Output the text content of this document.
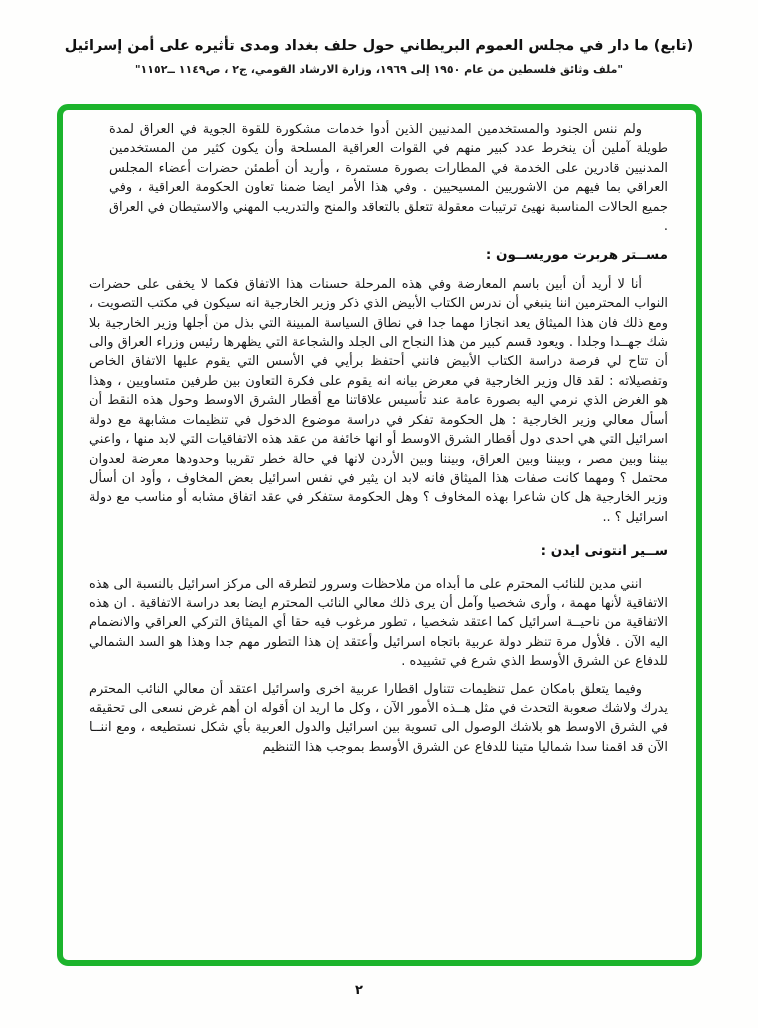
(تابع) ما دار في مجلس العموم البريطاني حول حلف بغداد ومدى تأثيره على أمن إسرائيل
"ملف وثائق فلسطين من عام ١٩٥٠ إلى ١٩٦٩، وزارة الارشاد القومي، ج٢ ، ص١١٤٩ ــ١١٥٢"

ولم ننس الجنود والمستخدمين المدنيين الذين أدوا خدمات مشكورة للقوة الجوية في العراق لمدة طويلة آملين أن ينخرط عدد كبير منهم في القوات العراقية المسلحة وأن يكون كثير من المستخدمين المدنيين قادرين على الخدمة في المطارات بصورة مستمرة ، وأريد أن أطمئن حضرات أعضاء المجلس العراقي بما فيهم من الاشوريين المسيحيين . وفي هذا الأمر ايضا ضمنا تعاون الحكومة العراقية ، وفي جميع الحالات المناسبة نهيئ ترتيبات معقولة تتعلق بالتعاقد والمنح والتدريب المهني والاستيطان في العراق .

مســتر هربرت موريســون :

أنا لا أريد أن أبين باسم المعارضة وفي هذه المرحلة حسنات هذا الاتفاق فكما لا يخفى على حضرات النواب المحترمين اننا ينبغي أن ندرس الكتاب الأبيض الذي ذكر وزير الخارجية انه سيكون في مكتب التصويت ، ومع ذلك فان هذا الميثاق يعد انجازا مهما جدا في نطاق السياسة المبينة التي بذل من أجلها وزير الخارجية بلا شك جهــدا وجلدا . ويعود قسم كبير من هذا النجاح الى الجلد والشجاعة التي يظهرها رئيس وزراء العراق والى أن تتاح لي فرصة دراسة الكتاب الأبيض فانني أحتفظ برأيي في الأسس التي يقوم عليها الاتفاق الخاص وتفصيلاته : لقد قال وزير الخارجية في معرض بيانه انه يقوم على فكرة التعاون بين طرفين متساويين ، وهذا هو الغرض الذي نرمي اليه بصورة عامة عند تأسيس علاقاتنا مع أقطار الشرق الاوسط وحول هذه النقط أن أسأل معالي وزير الخارجية : هل الحكومة تفكر في دراسة موضوع الدخول في تنظيمات مشابهة مع دولة اسرائيل التي هي احدى دول أقطار الشرق الاوسط أو انها خائفة من عقد هذه الاتفاقيات التي لابد منها ، واعني بيننا وبين مصر ، وبيننا وبين العراق، وبيننا وبين الأردن لانها في حالة خطر تقريبا وحدودها معرضة لعدوان محتمل ؟ ومهما كانت صفات هذا الميثاق فانه لابد ان يثير في نفس اسرائيل بعض المخاوف ، وأود ان أسأل وزير الخارجية هل كان شاعرا بهذه المخاوف ؟ وهل الحكومة ستفكر في عقد اتفاق مشابه أو مناسب مع دولة اسرائيل ؟ ..

ســير انتونى ايدن :

انني مدين للنائب المحترم على ما أبداه من ملاحظات وسرور لتطرقه الى مركز اسرائيل بالنسبة الى هذه الاتفاقية لأنها مهمة ، وأرى شخصيا وآمل أن يرى ذلك معالي النائب المحترم ايضا بعد دراسة الاتفاقية . ان هذه الاتفاقية من ناحيــة اسرائيل كما اعتقد شخصيا ، تطور مرغوب فيه حقا أي الميثاق التركي العراقي والانضمام اليه الآن . فلأول مرة تنظر دولة عربية باتجاه اسرائيل وأعتقد إن هذا التطور مهم جدا وهذا هو السد الشمالي للدفاع عن الشرق الأوسط الذي شرع في تشييده .

وفيما يتعلق بامكان عمل تنظيمات تتناول اقطارا عربية اخرى واسرائيل اعتقد أن معالي النائب المحترم يدرك ولاشك صعوبة التحدث في مثل هــذه الأمور الآن ، وكل ما اريد ان أقوله ان أهم غرض نسعى الى تحقيقه في الشرق الاوسط هو بلاشك الوصول الى تسوية بين اسرائيل والدول العربية بأي شكل نستطيعه ، ومع اننــا الآن قد اقمنا سدا شماليا متينا للدفاع عن الشرق الأوسط بموجب هذا التنظيم

٢
